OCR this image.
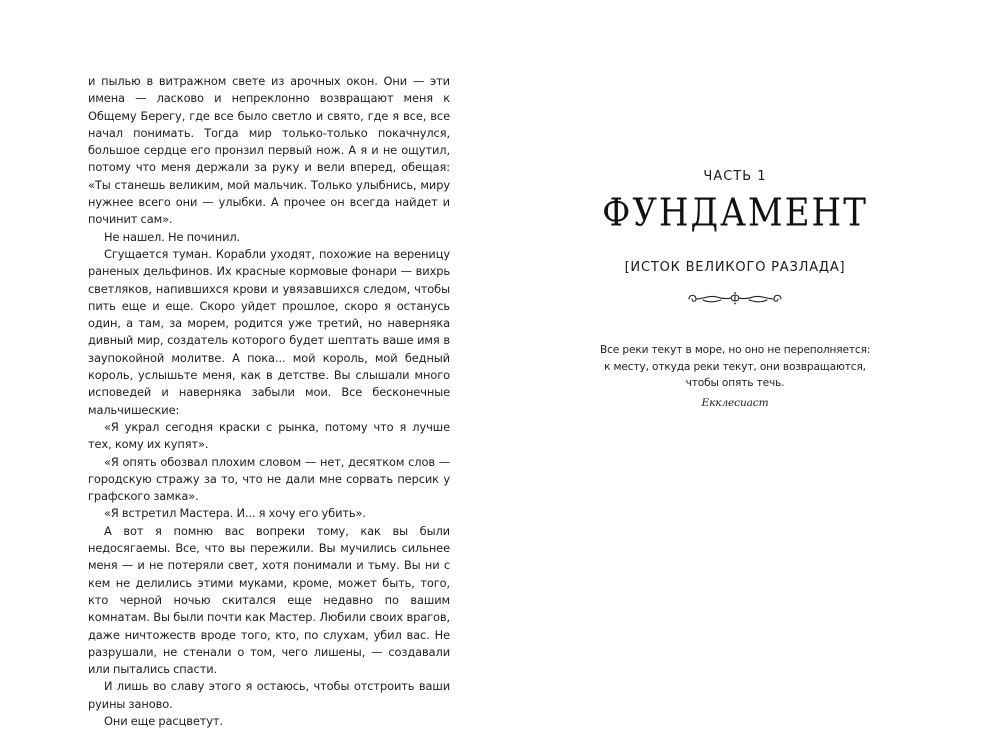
и пылью в витражном свете из арочных окон. Они — эти имена — ласково и непреклонно возвращают меня к Общему Берегу, где все было светло и свято, где я все, все начал понимать. Тогда мир только-только покачнулся, большое сердце его пронзил первый нож. А я и не ощутил, потому что меня держали за руку и вели вперед, обещая: «Ты станешь великим, мой мальчик. Только улыбнись, миру нужнее всего они — улыбки. А прочее он всегда найдет и починит сам».

Не нашел. Не починил.

Сгущается туман. Корабли уходят, похожие на вереницу раненых дельфинов. Их красные кормовые фонари — вихрь светляков, напившихся крови и увязавшихся следом, чтобы пить еще и еще. Скоро уйдет прошлое, скоро я останусь один, а там, за морем, родится уже третий, но наверняка дивный мир, создатель которого будет шептать ваше имя в заупокойной молитве. А пока... мой король, мой бедный король, услышьте меня, как в детстве. Вы слышали много исповедей и наверняка забыли мои. Все бесконечные мальчишеские:

«Я украл сегодня краски с рынка, потому что я лучше тех, кому их купят».

«Я опять обозвал плохим словом — нет, десятком слов — городскую стражу за то, что не дали мне сорвать персик у графского замка».

«Я встретил Мастера. И... я хочу его убить».

А вот я помню вас вопреки тому, как вы были недосягаемы. Все, что вы пережили. Вы мучились сильнее меня — и не потеряли свет, хотя понимали и тьму. Вы ни с кем не делились этими муками, кроме, может быть, того, кто черной ночью скитался еще недавно по вашим комнатам. Вы были почти как Мастер. Любили своих врагов, даже ничтожеств вроде того, кто, по слухам, убил вас. Не разрушали, не стенали о том, чего лишены, — создавали или пытались спасти.

И лишь во славу этого я остаюсь, чтобы отстроить ваши руины заново.

Они еще расцветут.

ЧАСТЬ 1
ФУНДАМЕНТ
[ИСТОК ВЕЛИКОГО РАЗЛАДА]
Все реки текут в море, но оно не переполняется:
к месту, откуда реки текут, они возвращаются,
чтобы опять течь.
Екклесиаст
